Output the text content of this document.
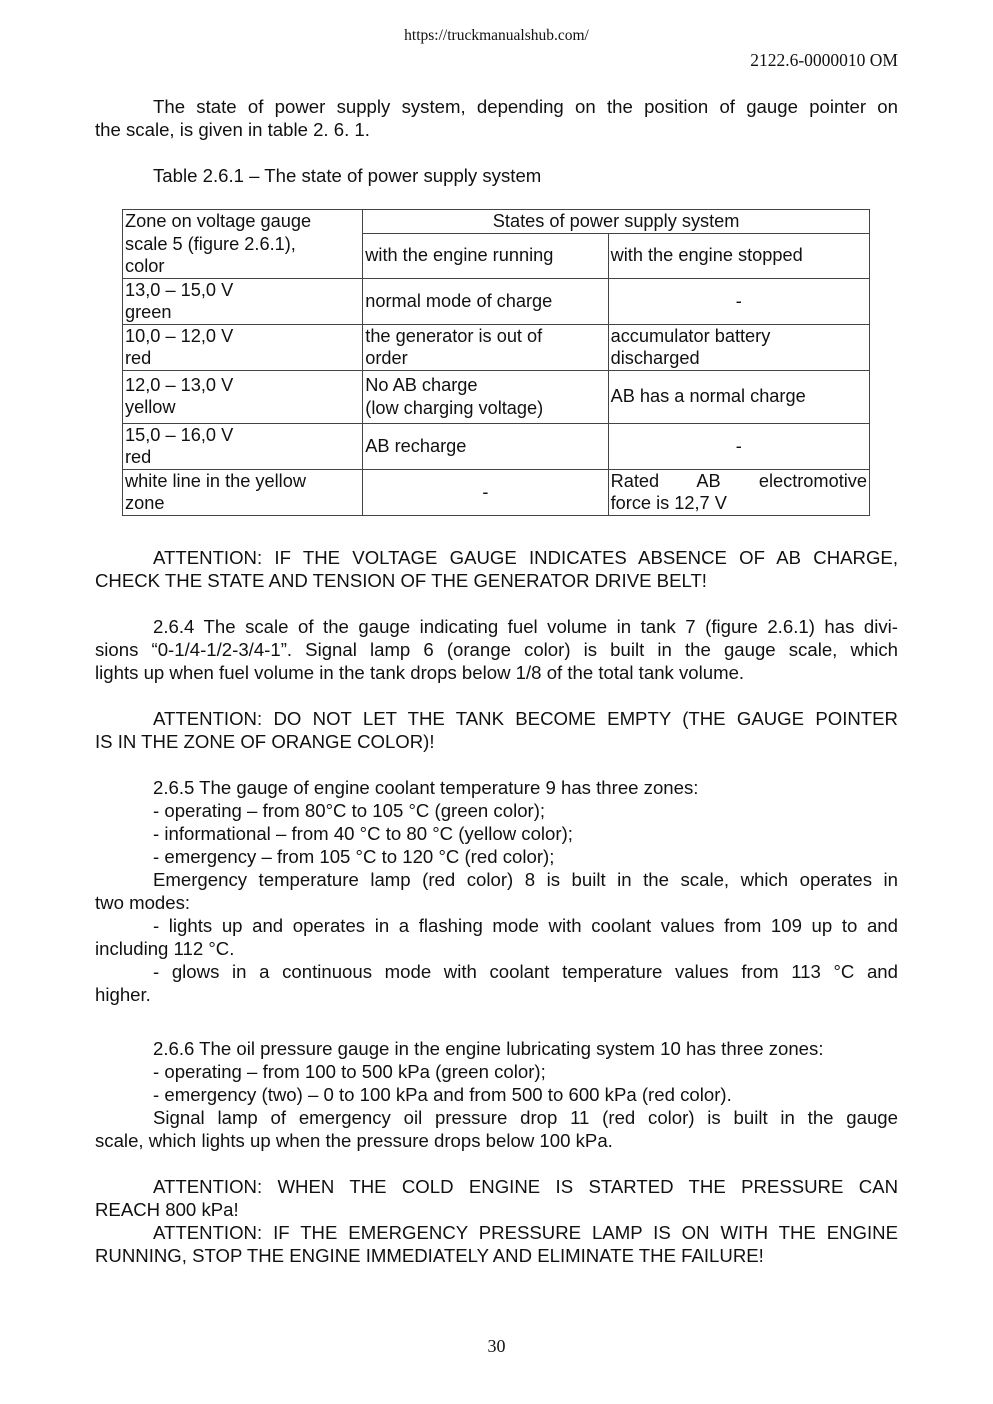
https://truckmanualshub.com/
2122.6-0000010 OM
The state of power supply system, depending on the position of gauge pointer on
the scale, is given in table 2. 6. 1.
Table 2.6.1 – The state of power supply system
Zone on voltage gauge
scale 5 (figure 2.6.1),
color	States of power supply system	
	with the engine running	with the engine stopped

13,0 – 15,0 V
green	normal mode of charge	-

10,0 – 12,0 V
red	the generator is out of
order	accumulator battery
discharged

12,0 – 13,0 V
yellow	No AB charge
(low charging voltage)	AB has a normal charge

15,0 – 16,0 V
red	AB recharge	-

white line in the yellow
zone	-	Rated AB electromotive
force is 12,7 V
ATTENTION: IF THE VOLTAGE GAUGE INDICATES ABSENCE OF AB CHARGE,
CHECK THE STATE AND TENSION OF THE GENERATOR DRIVE BELT!
2.6.4 The scale of the gauge indicating fuel volume in tank 7 (figure 2.6.1) has divi-
sions “0-1/4-1/2-3/4-1”. Signal lamp 6 (orange color) is built in the gauge scale, which
lights up when fuel volume in the tank drops below 1/8 of the total tank volume.
ATTENTION: DO NOT LET THE TANK BECOME EMPTY (THE GAUGE POINTER
IS IN THE ZONE OF ORANGE COLOR)!
2.6.5 The gauge of engine coolant temperature 9 has three zones:
- operating – from 80°C to 105 °C (green color);
- informational – from 40 °C to 80 °C (yellow color);
- emergency – from 105 °C to 120 °C (red color);
Emergency temperature lamp (red color) 8 is built in the scale, which operates in
two modes:
- lights up and operates in a flashing mode with coolant values from 109 up to and
including 112 °C.
- glows in a continuous mode with coolant temperature values from 113 °C and
higher.
2.6.6 The oil pressure gauge in the engine lubricating system 10 has three zones:
- operating – from 100 to 500 kPa (green color);
- emergency (two) – 0 to 100 kPa and from 500 to 600 kPa (red color).
Signal lamp of emergency oil pressure drop 11 (red color) is built in the gauge
scale, which lights up when the pressure drops below 100 kPa.
ATTENTION: WHEN THE COLD ENGINE IS STARTED THE PRESSURE CAN
REACH 800 kPa!
ATTENTION: IF THE EMERGENCY PRESSURE LAMP IS ON WITH THE ENGINE
RUNNING, STOP THE ENGINE IMMEDIATELY AND ELIMINATE THE FAILURE!
30
